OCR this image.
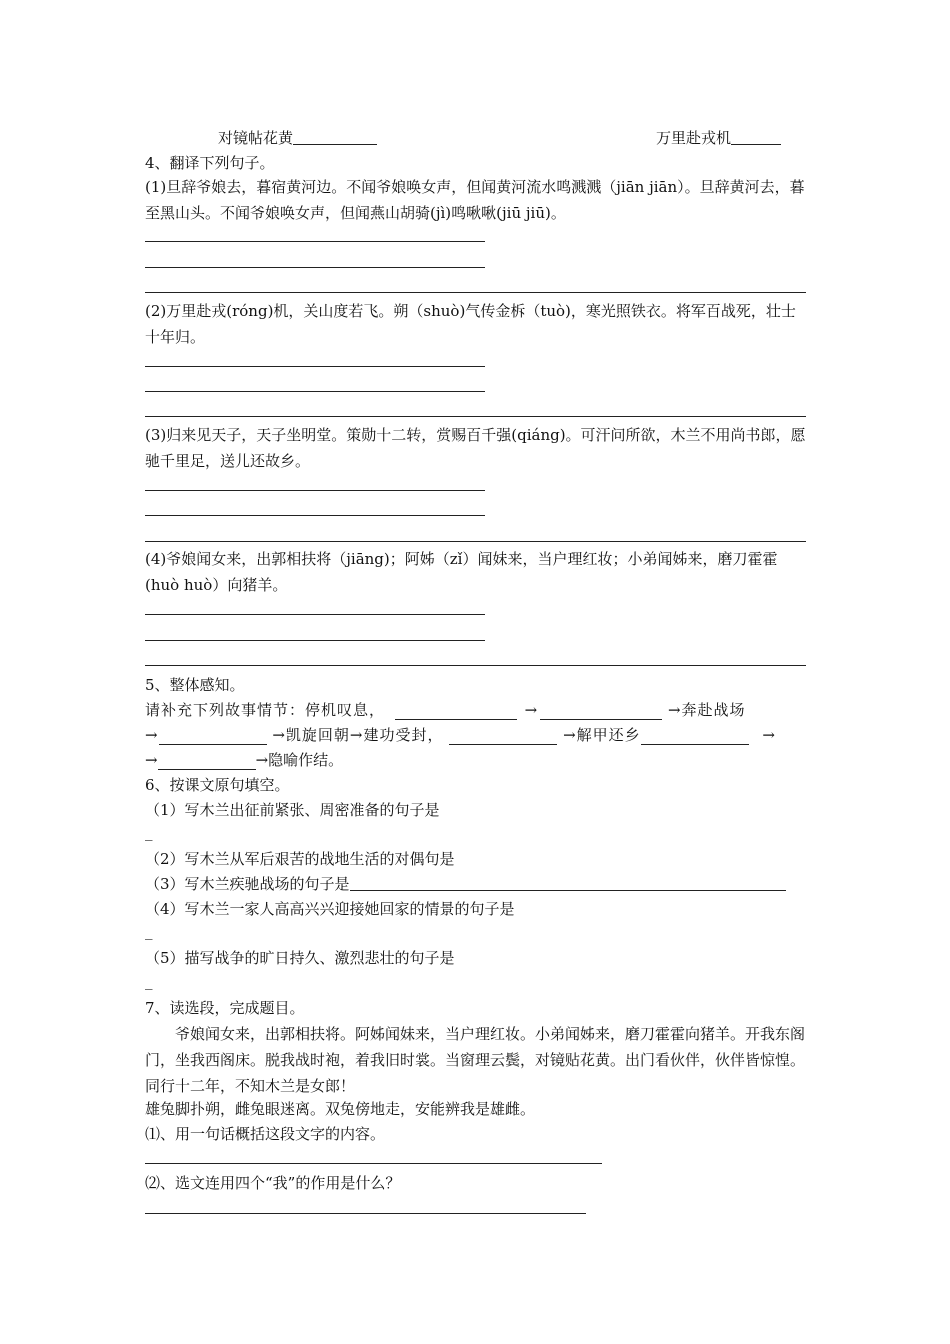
对镜帖花黄	万里赴戎机
4、翻译下列句子。
(1)旦辞爷娘去，暮宿黄河边。不闻爷娘唤女声，但闻黄河流水鸣溅溅（jiān jiān）。旦辞黄河去，暮至黑山头。不闻爷娘唤女声，但闻燕山胡骑(jì)鸣啾啾(jiū jiū)。
(2)万里赴戎(róng)机，关山度若飞。朔（shuò)气传金柝（tuò)，寒光照铁衣。将军百战死，壮士十年归。
(3)归来见天子，天子坐明堂。策勋十二转，赏赐百千强(qiáng)。可汗问所欲，木兰不用尚书郎，愿驰千里足，送儿还故乡。
(4)爷娘闻女来，出郭相扶将（jiāng)；阿姊（zǐ）闻妹来，当户理红妆；小弟闻姊来，磨刀霍霍(huò huò）向猪羊。
5、整体感知。
请补充下列故事情节：停机叹息，	→	→奔赴战场
→	→凯旋回朝→建功受封，	→解甲还乡	→
→	→隐喻作结。
6、按课文原句填空。
（1）写木兰出征前紧张、周密准备的句子是
_
（2）写木兰从军后艰苦的战地生活的对偶句是
（3）写木兰疾驰战场的句子是
（4）写木兰一家人高高兴兴迎接她回家的情景的句子是
_
（5）描写战争的旷日持久、激烈悲壮的句子是
_
7、读选段，完成题目。
爷娘闻女来，出郭相扶将。阿姊闻妹来，当户理红妆。小弟闻姊来，磨刀霍霍向猪羊。开我东阁门，坐我西阁床。脱我战时袍，着我旧时裳。当窗理云鬓，对镜贴花黄。出门看伙伴，伙伴皆惊惶。同行十二年，不知木兰是女郎！
雄兔脚扑朔，雌兔眼迷离。双兔傍地走，安能辨我是雄雌。
⑴、用一句话概括这段文字的内容。
⑵、选文连用四个“我”的作用是什么？
